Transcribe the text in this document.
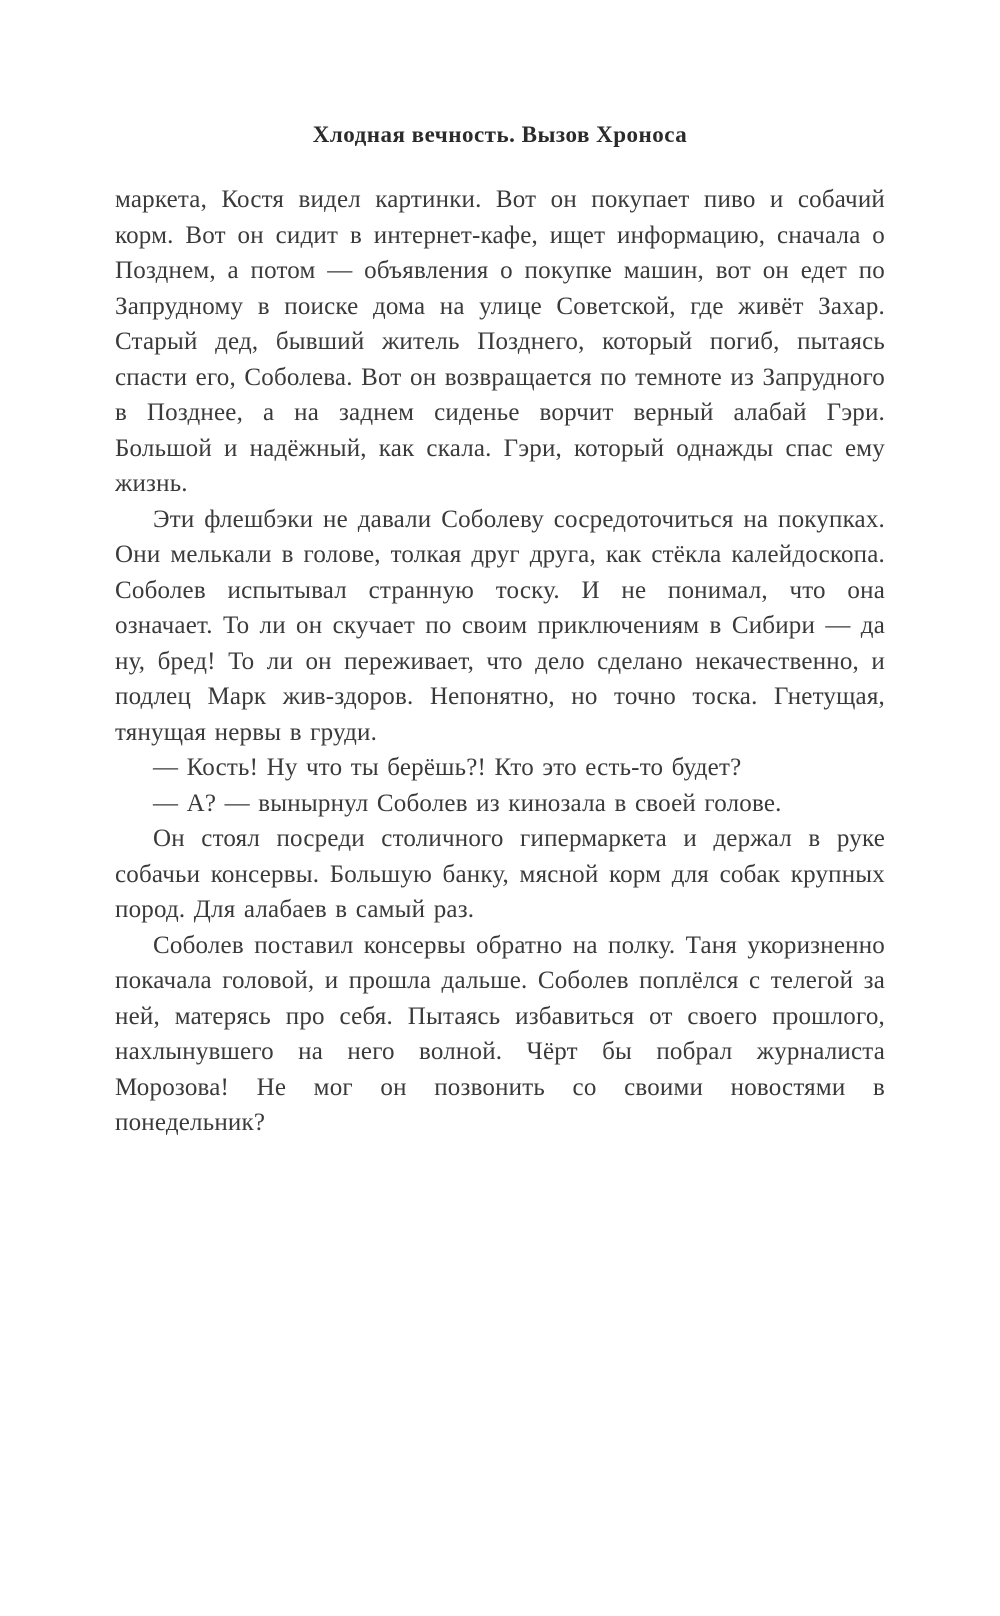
Хлодная вечность. Вызов Хроноса

маркета, Костя видел картинки. Вот он покупает пиво и собачий корм. Вот он сидит в интернет-кафе, ищет информацию, сначала о Позднем, а потом — объявления о покупке машин, вот он едет по Запрудному в поиске дома на улице Советской, где живёт Захар. Старый дед, бывший житель Позднего, который погиб, пытаясь спасти его, Соболева. Вот он возвращается по темноте из Запрудного в Позднее, а на заднем сиденье ворчит верный алабай Гэри. Большой и надёжный, как скала. Гэри, который однажды спас ему жизнь.

Эти флешбэки не давали Соболеву сосредоточиться на покупках. Они мелькали в голове, толкая друг друга, как стёкла калейдоскопа. Соболев испытывал странную тоску. И не понимал, что она означает. То ли он скучает по своим приключениям в Сибири — да ну, бред! То ли он переживает, что дело сделано некачественно, и подлец Марк жив-здоров. Непонятно, но точно тоска. Гнетущая, тянущая нервы в груди.

— Кость! Ну что ты берёшь?! Кто это есть-то будет?

— А? — вынырнул Соболев из кинозала в своей голове.

Он стоял посреди столичного гипермаркета и держал в руке собачьи консервы. Большую банку, мясной корм для собак крупных пород. Для алабаев в самый раз.

Соболев поставил консервы обратно на полку. Таня укоризненно покачала головой, и прошла дальше. Соболев поплёлся с телегой за ней, матерясь про себя. Пытаясь избавиться от своего прошлого, нахлынувшего на него волной. Чёрт бы побрал журналиста Морозова! Не мог он позвонить со своими новостями в понедельник?
